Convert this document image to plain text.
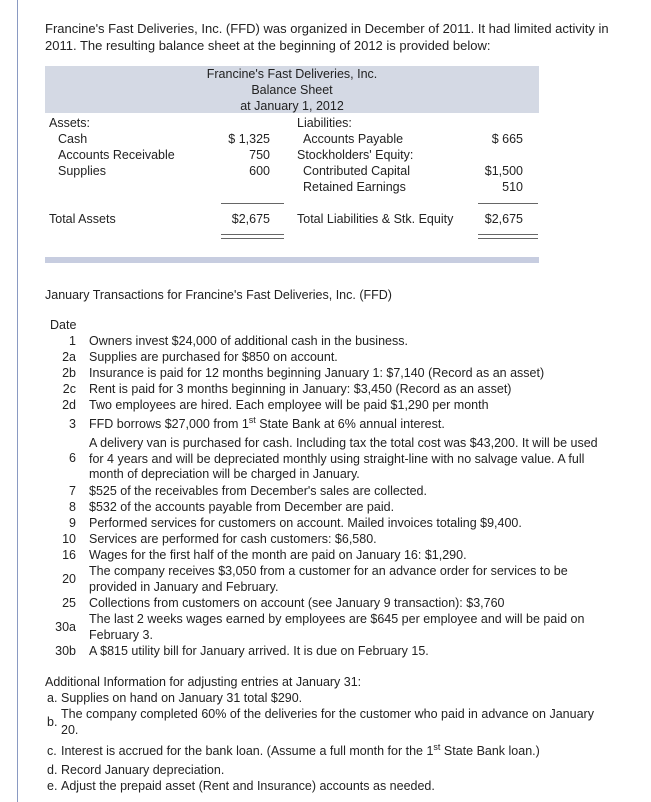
Francine's Fast Deliveries, Inc. (FFD) was organized in December of 2011. It had limited activity in 2011. The resulting balance sheet at the beginning of 2012 is provided below:
Francine's Fast Deliveries, Inc.
Balance Sheet
at January 1, 2012
Assets:
Cash
Accounts Receivable
Supplies
$ 1,325
750
600
Liabilities:
Accounts Payable
Stockholders' Equity:
Contributed Capital
Retained Earnings
$ 665
$1,500
510
Total Assets	$2,675 Total Liabilities & Stk. Equity	$2,675
January Transactions for Francine's Fast Deliveries, Inc. (FFD)
Date
1 Owners invest $24,000 of additional cash in the business.
2a Supplies are purchased for $850 on account.
2b Insurance is paid for 12 months beginning January 1: $7,140 (Record as an asset)
2c Rent is paid for 3 months beginning in January: $3,450 (Record as an asset)
2d Two employees are hired. Each employee will be paid $1,290 per month
3 FFD borrows $27,000 from 1st State Bank at 6% annual interest.
6
A delivery van is purchased for cash. Including tax the total cost was $43,200. It will be used for 4 years and will be depreciated monthly using straight-line with no salvage value. A full month of depreciation will be charged in January.
7 $525 of the receivables from December's sales are collected.
8 $532 of the accounts payable from December are paid.
9 Performed services for customers on account. Mailed invoices totaling $9,400.
10 Services are performed for cash customers: $6,580.
16 Wages for the first half of the month are paid on January 16: $1,290.
20
The company receives $3,050 from a customer for an advance order for services to be provided in January and February.
25 Collections from customers on account (see January 9 transaction): $3,760
30a
The last 2 weeks wages earned by employees are $645 per employee and will be paid on February 3.
30b A $815 utility bill for January arrived. It is due on February 15.
Additional Information for adjusting entries at January 31:
a. Supplies on hand on January 31 total $290.
b.
The company completed 60% of the deliveries for the customer who paid in advance on January 20.
c. Interest is accrued for the bank loan. (Assume a full month for the 1st State Bank loan.)
d. Record January depreciation.
e. Adjust the prepaid asset (Rent and Insurance) accounts as needed.
